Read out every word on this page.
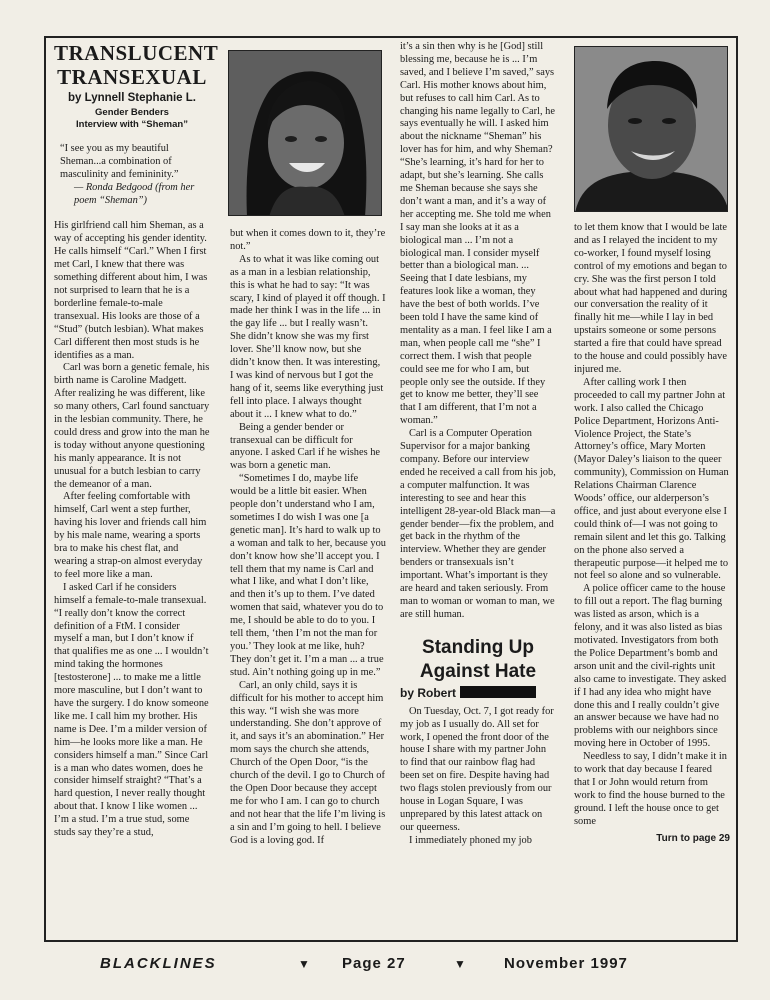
TRANSLUCENT
TRANSEXUAL
by Lynnell Stephanie L.
Gender Benders
Interview with “Sheman”
“I see you as my beautiful Sheman...a combination of masculinity and femininity.”
— Ronda Bedgood (from her poem “Sheman”)

His girlfriend call him Sheman, as a way of accepting his gender identity. He calls himself “Carl.” When I first met Carl, I knew that there was something different about him, I was not surprised to learn that he is a borderline female-to-male transexual. His looks are those of a “Stud” (butch lesbian). What makes Carl different then most studs is he identifies as a man.

Carl was born a genetic female, his birth name is Caroline Madgett. After realizing he was different, like so many others, Carl found sanctuary in the lesbian community. There, he could dress and grow into the man he is today without anyone questioning his manly appearance. It is not unusual for a butch lesbian to carry the demeanor of a man.

After feeling comfortable with himself, Carl went a step further, having his lover and friends call him by his male name, wearing a sports bra to make his chest flat, and wearing a strap-on almost everyday to feel more like a man.

I asked Carl if he considers himself a female-to-male transexual. “I really don’t know the correct definition of a FtM. I consider myself a man, but I don’t know if that qualifies me as one ... I wouldn’t mind taking the hormones [testosterone] ... to make me a little more masculine, but I don’t want to have the surgery. I do know someone like me. I call him my brother. His name is Dee. I’m a milder version of him—he looks more like a man. He considers himself a man.” Since Carl is a man who dates women, does he consider himself straight? “That’s a hard question, I never really thought about that. I know I like women ... I’m a stud. I’m a true stud, some studs say they’re a stud,

but when it comes down to it, they’re not.”

As to what it was like coming out as a man in a lesbian relationship, this is what he had to say: “It was scary, I kind of played it off though. I made her think I was in the life ... in the gay life ... but I really wasn’t. She didn’t know she was my first lover. She’ll know now, but she didn’t know then. It was interesting, I was kind of nervous but I got the hang of it, seems like everything just fell into place. I always thought about it ... I knew what to do.”

Being a gender bender or transexual can be difficult for anyone. I asked Carl if he wishes he was born a genetic man.

“Sometimes I do, maybe life would be a little bit easier. When people don’t understand who I am, sometimes I do wish I was one [a genetic man]. It’s hard to walk up to a woman and talk to her, because you don’t know how she’ll accept you. I tell them that my name is Carl and what I like, and what I don’t like, and then it’s up to them. I’ve dated women that said, whatever you do to me, I should be able to do to you. I tell them, ‘then I’m not the man for you.’ They look at me like, huh? They don’t get it. I’m a man ... a true stud. Ain’t nothing going up in me.”

Carl, an only child, says it is difficult for his mother to accept him this way. “I wish she was more understanding. She don’t approve of it, and says it’s an abomination.” Her mom says the church she attends, Church of the Open Door, “is the church of the devil. I go to Church of the Open Door because they accept me for who I am. I can go to church and not hear that the life I’m living is a sin and I’m going to hell. I believe God is a loving god. If

it’s a sin then why is he [God] still blessing me, because he is ... I’m saved, and I believe I’m saved,” says Carl. His mother knows about him, but refuses to call him Carl. As to changing his name legally to Carl, he says eventually he will. I asked him about the nickname “Sheman” his lover has for him, and why Sheman? “She’s learning, it’s hard for her to adapt, but she’s learning. She calls me Sheman because she says she don’t want a man, and it’s a way of her accepting me. She told me when I say man she looks at it as a biological man ... I’m not a biological man. I consider myself better than a biological man. ... Seeing that I date lesbians, my features look like a woman, they have the best of both worlds. I’ve been told I have the same kind of mentality as a man. I feel like I am a man, when people call me “she” I correct them. I wish that people could see me for who I am, but people only see the outside. If they get to know me better, they’ll see that I am different, that I’m not a woman.”

Carl is a Computer Operation Supervisor for a major banking company. Before our interview ended he received a call from his job, a computer malfunction. It was interesting to see and hear this intelligent 28-year-old Black man—a gender bender—fix the problem, and get back in the rhythm of the interview. Whether they are gender benders or transexuals isn’t important. What’s important is they are heard and taken seriously. From man to woman or woman to man, we are still human.

Standing Up
Against Hate
by Robert

On Tuesday, Oct. 7, I got ready for my job as I usually do. All set for work, I opened the front door of the house I share with my partner John to find that our rainbow flag had been set on fire. Despite having had two flags stolen previously from our house in Logan Square, I was unprepared by this latest attack on our queerness.

I immediately phoned my job

to let them know that I would be late and as I relayed the incident to my co-worker, I found myself losing control of my emotions and began to cry. She was the first person I told about what had happened and during our conversation the reality of it finally hit me—while I lay in bed upstairs someone or some persons started a fire that could have spread to the house and could possibly have injured me.

After calling work I then proceeded to call my partner John at work. I also called the Chicago Police Department, Horizons Anti-Violence Project, the State’s Attorney’s office, Mary Morten (Mayor Daley’s liaison to the queer community), Commission on Human Relations Chairman Clarence Woods’ office, our alderperson’s office, and just about everyone else I could think of—I was not going to remain silent and let this go. Talking on the phone also served a therapeutic purpose—it helped me to not feel so alone and so vulnerable.

A police officer came to the house to fill out a report. The flag burning was listed as arson, which is a felony, and it was also listed as bias motivated. Investigators from both the Police Department’s bomb and arson unit and the civil-rights unit also came to investigate. They asked if I had any idea who might have done this and I really couldn’t give an answer because we have had no problems with our neighbors since moving here in October of 1995.

Needless to say, I didn’t make it in to work that day because I feared that I or John would return from work to find the house burned to the ground. I left the house once to get some

Turn to page 29
BLACKLINES	▼ Page 27	▼ November 1997
